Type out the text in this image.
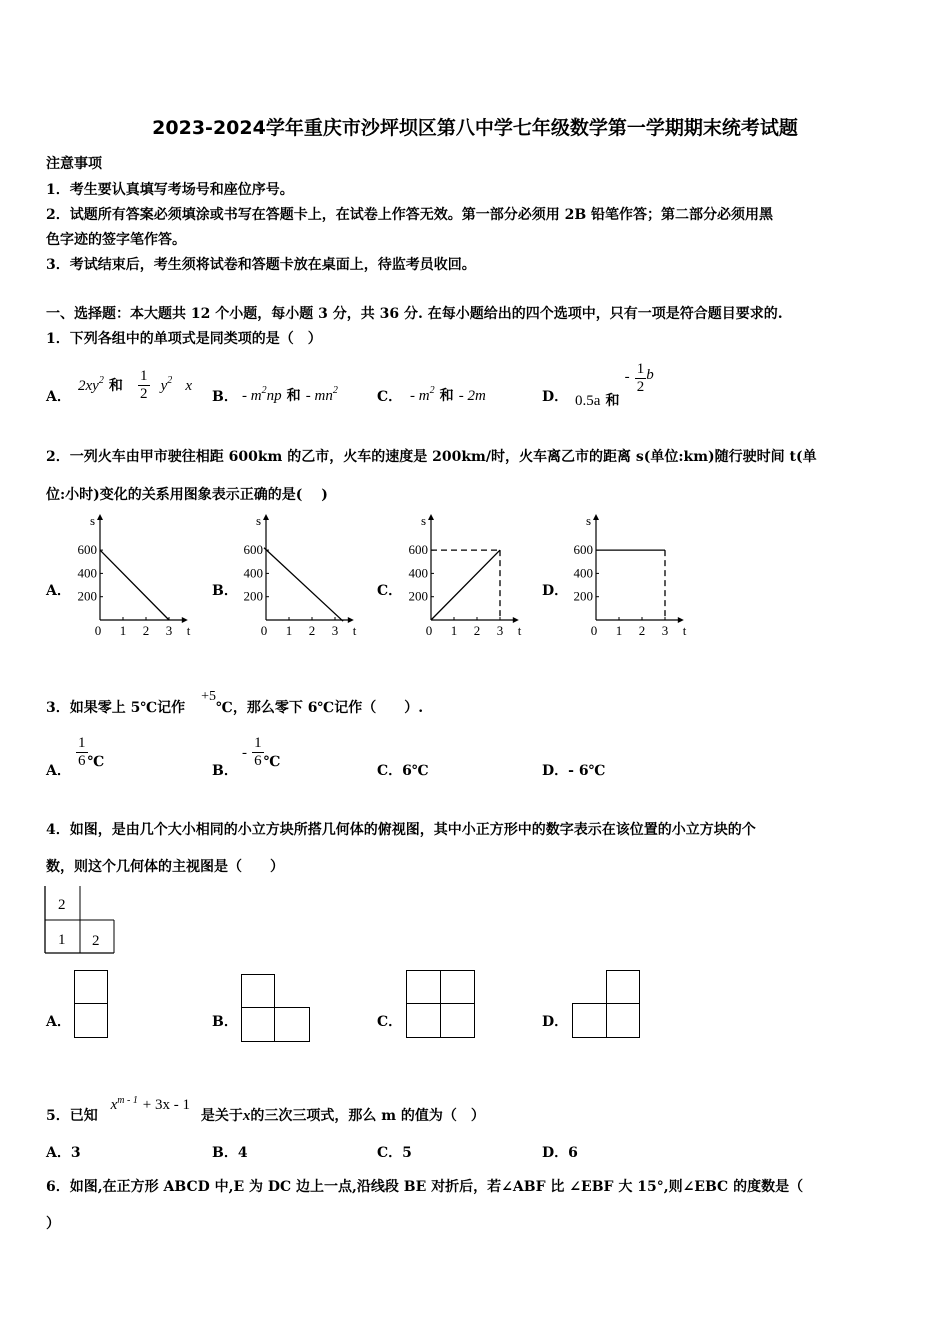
2023-2024学年重庆市沙坪坝区第八中学七年级数学第一学期期末统考试题
注意事项
1．考生要认真填写考场号和座位序号。
2．试题所有答案必须填涂或书写在答题卡上，在试卷上作答无效。第一部分必须用 2B 铅笔作答；第二部分必须用黑
色字迹的签字笔作答。
3．考试结束后，考生须将试卷和答题卡放在桌面上，待监考员收回。
一、选择题：本大题共 12 个小题，每小题 3 分，共 36 分. 在每小题给出的四个选项中，只有一项是符合题目要求的.
1．下列各组中的单项式是同类项的是（　）
A．
$2xy^2$ 和 $\frac{1}{2} y^2$ x
B． - $m^2np$ 和 - $mn^2$	C． - $m^2$ 和 - 2m	D． 0.5a 和 - $\frac{1}{2}$ b
2．一列火车由甲市驶往相距 600km 的乙市，火车的速度是 200km/时，火车离乙市的距离 s(单位:km)随行驶时间 t(单
位:小时)变化的关系用图象表示正确的是(　 )
A．	B．	C．	D．
s
t
600
400
200
0 1 2 3
s
t
600
400
200
0 1 2 3
s
t
600
400
200
0 1 2 3
s
t
600
400
200
0 1 2 3
3．如果零上 5℃记作+5℃，那么零下 6℃记作（　　）.
A．
$\frac{1}{6}$ ℃
B．
- $\frac{1}{6}$ ℃
C．6℃	D．- 6℃
4．如图，是由几个大小相同的小立方块所搭几何体的俯视图，其中小正方形中的数字表示在该位置的小立方块的个
数，则这个几何体的主视图是（　　）
2
1 2
A．	B．	C．	D．
5．已知 $x^{m - 1} + 3x - 1$ 是关于x的三次三项式，那么 m 的值为（　）
A．3	B．4	C．5	D．6
6．如图,在正方形 ABCD 中,E 为 DC 边上一点,沿线段 BE 对折后，若∠ABF 比 ∠EBF 大 15°,则∠EBC 的度数是（
）
